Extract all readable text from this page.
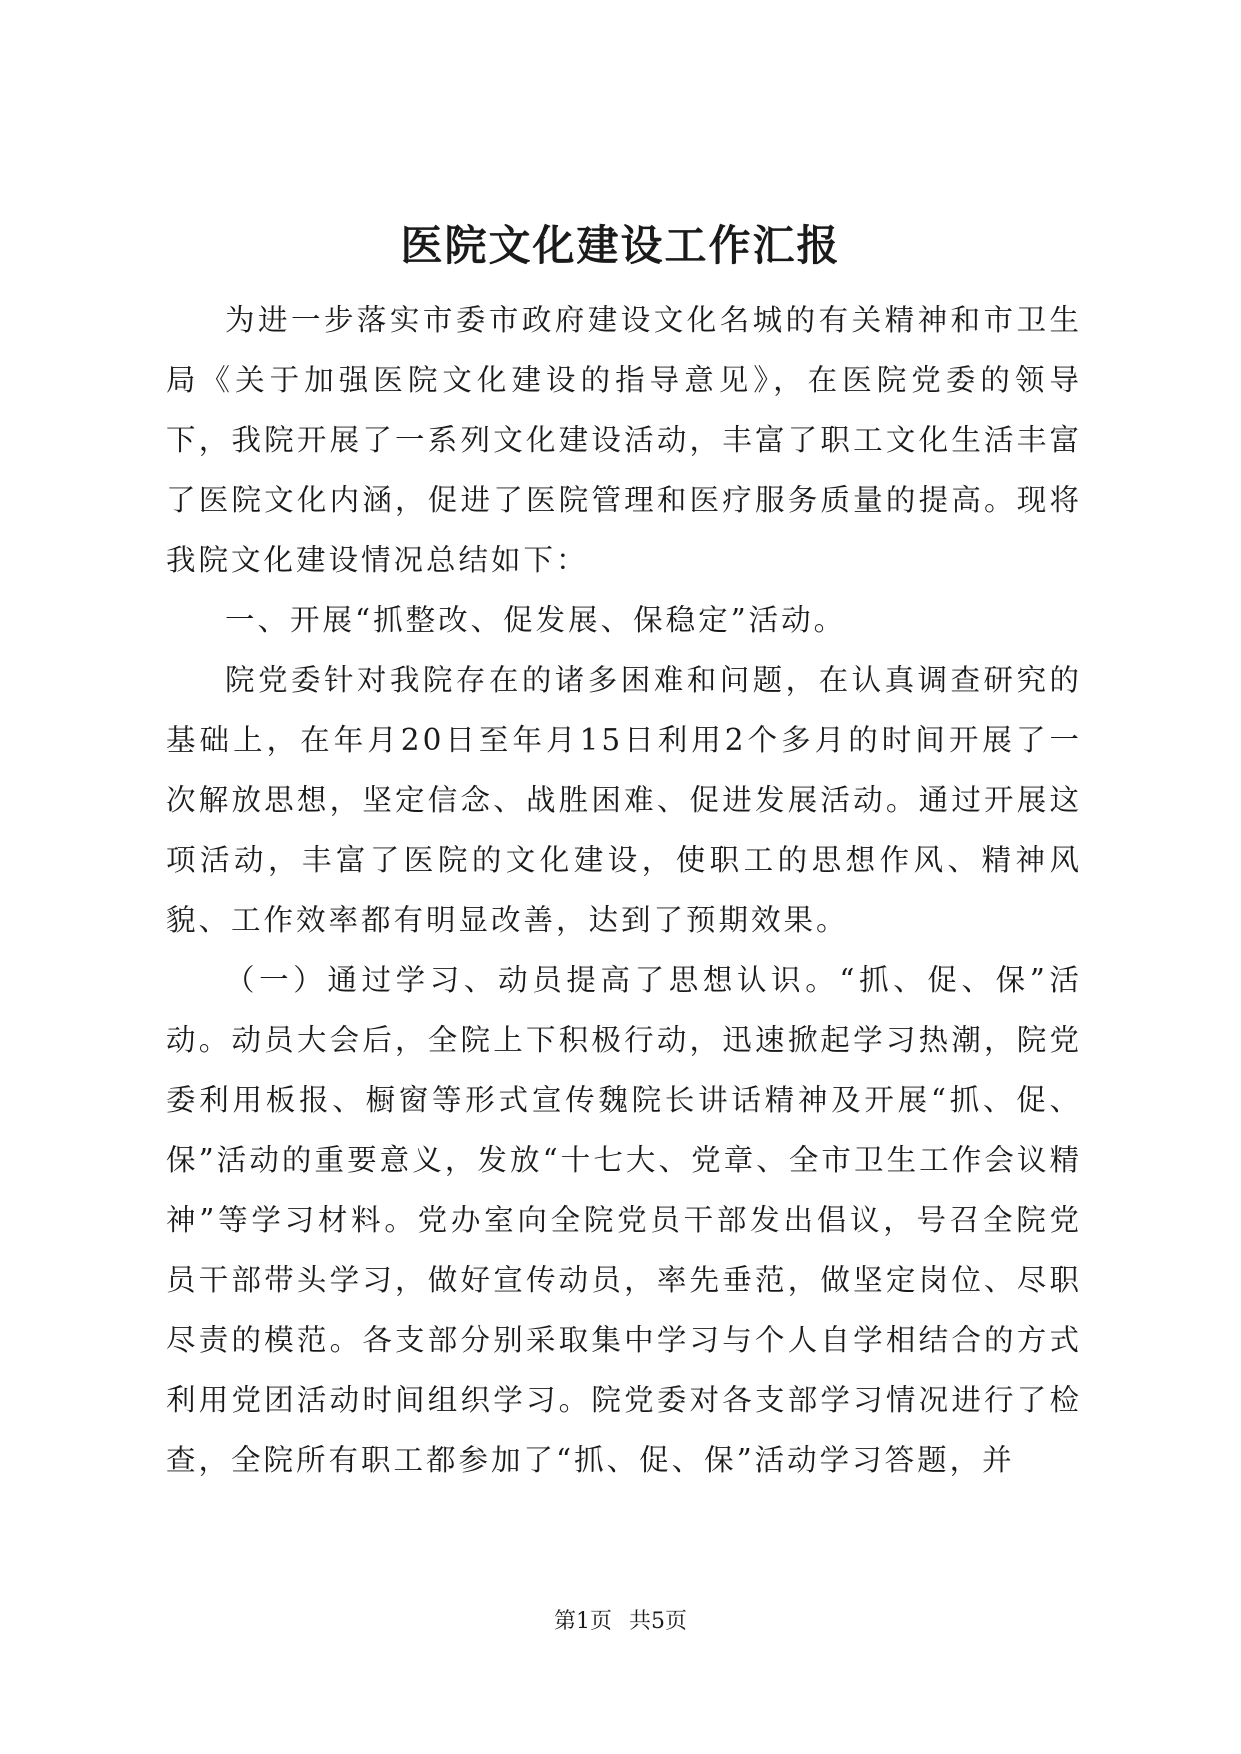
医院文化建设工作汇报

为进一步落实市委市政府建设文化名城的有关精神和市卫生局《关于加强医院文化建设的指导意见》，在医院党委的领导下，我院开展了一系列文化建设活动，丰富了职工文化生活丰富了医院文化内涵，促进了医院管理和医疗服务质量的提高。现将我院文化建设情况总结如下：

一、开展“抓整改、促发展、保稳定”活动。

院党委针对我院存在的诸多困难和问题，在认真调查研究的基础上，在年月20日至年月15日利用2个多月的时间开展了一次解放思想，坚定信念、战胜困难、促进发展活动。通过开展这项活动，丰富了医院的文化建设，使职工的思想作风、精神风貌、工作效率都有明显改善，达到了预期效果。

（一）通过学习、动员提高了思想认识。“抓、促、保”活动。动员大会后，全院上下积极行动，迅速掀起学习热潮，院党委利用板报、橱窗等形式宣传魏院长讲话精神及开展“抓、促、保”活动的重要意义，发放“十七大、党章、全市卫生工作会议精神”等学习材料。党办室向全院党员干部发出倡议，号召全院党员干部带头学习，做好宣传动员，率先垂范，做坚定岗位、尽职尽责的模范。各支部分别采取集中学习与个人自学相结合的方式利用党团活动时间组织学习。院党委对各支部学习情况进行了检查，全院所有职工都参加了“抓、促、保”活动学习答题，并

第1页 共5页
